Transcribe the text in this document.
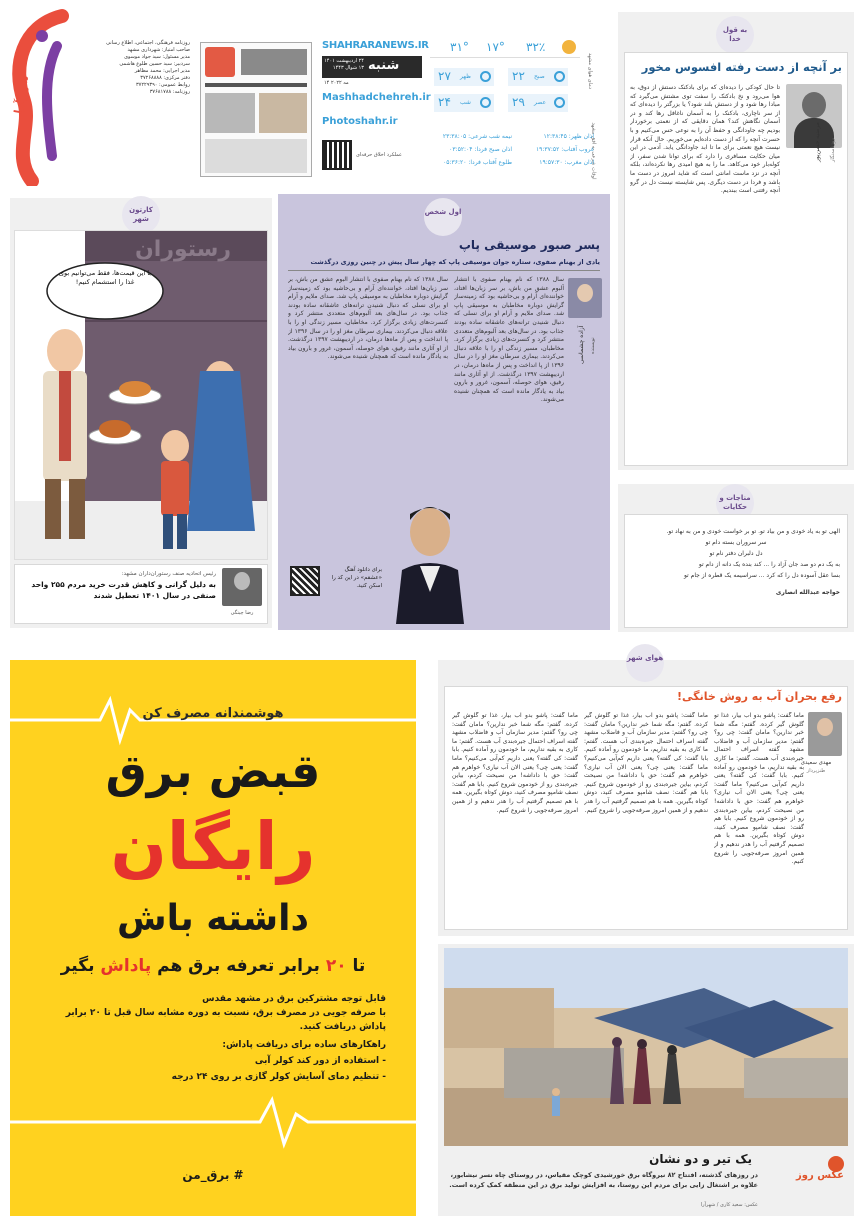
شهرآرا
روزنامه فرهنگی، اجتماعی، اطلاع رسانی
صاحب امتیاز: شهرداری مشهد
مدیر مسئول: سید جواد موسوی
سردبیر: سید حسین طلوع هاشمی
مدیر اجرایی: محمد مظاهر
دفتر مرکزی: ۳۷۲۶۸۸۸۸
روابط عمومی: ۳۷۲۲۹۳۹۰
روزنامه: ۳۷۶۸۱۷۸۸
SHAHRARANEWS.IR
شنبه
۲۴ اردیبهشت ۱۴۰۱
۱۳ شوال ۱۴۴۳
۱۴ مه ۲۰۲۲
Mashhadchehreh.ir
Photoshahr.ir
عملکرد اخلاق حرفه‌ای
دمای هوای مشهد
۳۲٪
۱۷°
۳۱°
صبح
۲۲
ظهر
۲۷
عصر
۲۹
شب
۲۴
اوقات شرعی به افق مشهد
اذان ظهر: ۱۲:۳۸:۴۵
غروب آفتاب: ۱۹:۳۷:۵۲
اذان مغرب: ۱۹:۵۷:۳۰
نیمه شب شرعی: ۲۳:۳۸:۰۵
اذان صبح فردا: ۰۳:۵۲:۰۴
طلوع آفتاب فردا: ۰۵:۳۶:۲۰
به قول خدا
بر آنچه از دست رفته افسوس مخور
مرضیه حسن‌پور روزنامه‌نگار
تا حال کودکی را دیده‌ای که برای بادکنک دستش از دوق، به هوا می‌رود و نخ بادکنک را سفت توی مشتش می‌گیرد که مبادا رها شود و از دستش بلند شود؟ یا بزرگتر را دیده‌ای که از سر ناچاری، بادکنک را به آسمان ناغافل رها کند و در آسمان نگاهش کند؟ همان دقایقی که از نعمتی برخوردار بودیم چه جاودانگی و حفظ آن را به نوعی حس می‌کنیم و با حسرت آنچه را که از دست داده‌ایم می‌خوریم. حال آنکه قرار نیست هیچ نعمتی برای ما تا ابد جاودانگی یابد. آدمی در این میان حکایت مسافری را دارد که برای توانا شدن سفر، از کوله‌بار خود می‌کاهد. ما را به هیچ امیدی رها نکرده‌اند، بلکه آنچه در نزد ماست امانتی است که شاید امروز در دست ما باشد و فردا در دست دیگری. پس شایسته نیست دل در گرو آنچه رفتنی است ببندیم.
مناجات و حکایات
الهی تو به یاد خودی و من بیاد تو. تو بر خواست خودی و من به نهاد تو.
سر سروران بسته دام تو
دل دلبران دفتر نام تو
به یک دم دو صد جان آزاد را ... کند بنده یک دانه از دام تو
بسا عقل آسوده دل را که کرد ... سراسیمه یک قطره از جام تو
خواجه عبدالله انصاری
کارتون شهر
رستوران
با این قیمت‌ها، فقط می‌توانیم بوی غذا را استشمام کنیم!
رضا چیتگی
رئیس اتحادیه صنف رستوران‌داران مشهد:
به دلیل گرانی و کاهش قدرت خرید مردم ۲۵۵ واحد صنفی در سال ۱۴۰۱ تعطیل شدند
اول شخص
پسر صبور موسیقی پاپ
یادی از بهنام صفوی، ستاره جوان موسیقی پاپ که چهار سال پیش در چنین روزی درگذشت
آزاده چشماسی نویسنده
سال ۱۳۸۸ که نام بهنام صفوی با انتشار آلبوم عشق من باش، بر سر زبان‌ها افتاد، خواننده‌ای آرام و بی‌حاشیه بود که زمینه‌ساز گرایش دوباره مخاطبان به موسیقی پاپ شد. صدای ملایم و آرام او برای نسلی که دنبال شنیدن ترانه‌های عاشقانه ساده بودند جذاب بود. در سال‌های بعد آلبوم‌های متعددی منتشر کرد و کنسرت‌های زیادی برگزار کرد. مخاطبان، مسیر زندگی او را با علاقه دنبال می‌کردند. بیماری سرطان مغز او را در سال ۱۳۹۶ از پا انداخت و پس از ماه‌ها درمان، در اردیبهشت ۱۳۹۷ درگذشت. از او آثاری مانند رفیق، هوای حوصله، آسمون، غرور و بارون بیاد به یادگار مانده است که همچنان شنیده می‌شوند.
سال ۱۳۸۸ که نام بهنام صفوی با انتشار آلبوم عشق من باش، بر سر زبان‌ها افتاد، خواننده‌ای آرام و بی‌حاشیه بود که زمینه‌ساز گرایش دوباره مخاطبان به موسیقی پاپ شد. صدای ملایم و آرام او برای نسلی که دنبال شنیدن ترانه‌های عاشقانه ساده بودند جذاب بود. در سال‌های بعد آلبوم‌های متعددی منتشر کرد و کنسرت‌های زیادی برگزار کرد. مخاطبان، مسیر زندگی او را با علاقه دنبال می‌کردند. بیماری سرطان مغز او را در سال ۱۳۹۶ از پا انداخت و پس از ماه‌ها درمان، در اردیبهشت ۱۳۹۷ درگذشت. از او آثاری مانند رفیق، هوای حوصله، آسمون، غرور و بارون بیاد به یادگار مانده است که همچنان شنیده می‌شوند.
برای دانلود آهنگ «عشقم» در این کد را اسکن کنید.
هوشمندانه مصرف کن
قبض برق
رایگان
داشته باش
تا ۲۰ برابر تعرفه برق هم پاداش بگیر
قابل توجه مشترکین برق در مشهد مقدس
با صرفه جویی در مصرف برق، نسبت به دوره مشابه سال قبل تا ۲۰ برابر پاداش دریافت کنید.
راهکارهای ساده برای دریافت پاداش:
- استفاده از دور کند کولر آبی
- تنظیم دمای آسایش کولر گازی بر روی ۲۴ درجه
# برق_من
هوای شهر
رفع بحران آب به روش خانگی!
مهدی سعیدی
طنزپرداز
ماما گفت: پاشو بدو آب بیار، غذا تو گلوش گیر کرده. گفتم: مگه شما خبر ندارین؟ مامان گفت: چی رو؟ گفتم: مدیر سازمان آب و فاضلاب مشهد گفته اسراف احتمال جیره‌بندی آب هست. گفتم: ما کاری به بقیه نداریم، ما خودمون رو آماده کنیم. بابا گفت: کی گفته؟ یعنی داریم کم‌آبی می‌کنیم؟ ماما گفت: یعنی چی؟ یعنی الان آب نیاری؟ خواهرم هم گفت: حق با داداشه! من نصیحت کردم، بیاین جیره‌بندی رو از خودمون شروع کنیم. بابا هم گفت: نصف شامپو مصرف کنید، دوش کوتاه بگیرین. همه با هم تصمیم گرفتیم آب را هدر ندهیم و از همین امروز صرفه‌جویی را شروع کنیم.
ماما گفت: پاشو بدو آب بیار، غذا تو گلوش گیر کرده. گفتم: مگه شما خبر ندارین؟ مامان گفت: چی رو؟ گفتم: مدیر سازمان آب و فاضلاب مشهد گفته اسراف احتمال جیره‌بندی آب هست. گفتم: ما کاری به بقیه نداریم، ما خودمون رو آماده کنیم. بابا گفت: کی گفته؟ یعنی داریم کم‌آبی می‌کنیم؟ ماما گفت: یعنی چی؟ یعنی الان آب نیاری؟ خواهرم هم گفت: حق با داداشه! من نصیحت کردم، بیاین جیره‌بندی رو از خودمون شروع کنیم. بابا هم گفت: نصف شامپو مصرف کنید، دوش کوتاه بگیرین. همه با هم تصمیم گرفتیم آب را هدر ندهیم و از همین امروز صرفه‌جویی را شروع کنیم.
ماما گفت: پاشو بدو آب بیار، غذا تو گلوش گیر کرده. گفتم: مگه شما خبر ندارین؟ مامان گفت: چی رو؟ گفتم: مدیر سازمان آب و فاضلاب مشهد گفته اسراف احتمال جیره‌بندی آب هست. گفتم: ما کاری به بقیه نداریم، ما خودمون رو آماده کنیم. بابا گفت: کی گفته؟ یعنی داریم کم‌آبی می‌کنیم؟ ماما گفت: یعنی چی؟ یعنی الان آب نیاری؟ خواهرم هم گفت: حق با داداشه! من نصیحت کردم، بیاین جیره‌بندی رو از خودمون شروع کنیم. بابا هم گفت: نصف شامپو مصرف کنید، دوش کوتاه بگیرین. همه با هم تصمیم گرفتیم آب را هدر ندهیم و از همین امروز صرفه‌جویی را شروع کنیم.
عکس روز
یک تیر و دو نشان
در روزهای گذشته، افتتاح ۸۲ نیروگاه برق خورشیدی کوچک مقیاس، در روستای چاه نسر نیشابور، علاوه بر اشتغال زایی برای مردم این روستا، به افزایش تولید برق در این منطقه کمک کرده است.
عکس: سعید کاری / شهرآرا
